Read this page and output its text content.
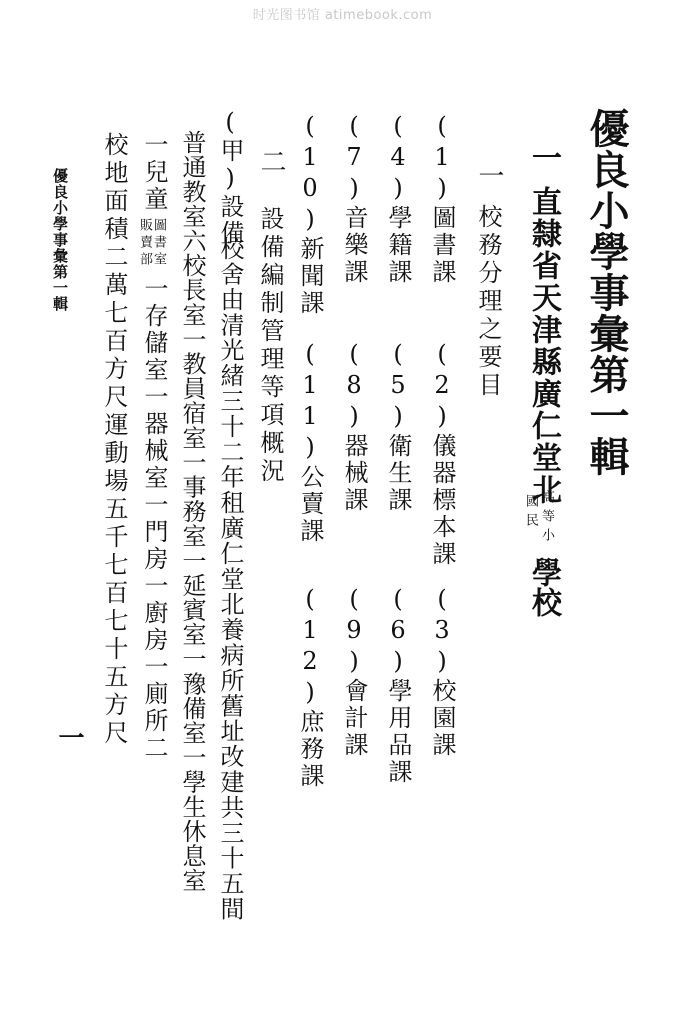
时光图书馆 atimebook.com
優良小學事彙第一輯
一
直隸省天津縣廣仁堂北
高等小
國民
學校
一
校務分理之要目
(1)圖書課
(2)儀器標本課
(3)校園課
(4)學籍課
(5)衛生課
(6)學用品課
(7)音樂課
(8)器械課
(9)會計課
(10)新聞課
(11)公賣課
(12)庶務課
二
設備編制管理等項概況
(甲)設備
校舍由清光緒三十二年租廣仁堂北養病所舊址改建共三十五間
普通教室六校長室一教員宿室一事務室一延賓室一豫備室一學生休息室
一兒童
圖書室
販賣部
一存儲室一器械室一門房一廚房一廁所二
校地面積二萬七百方尺運動場五千七百七十五方尺
優良小學事彙第一輯
一
